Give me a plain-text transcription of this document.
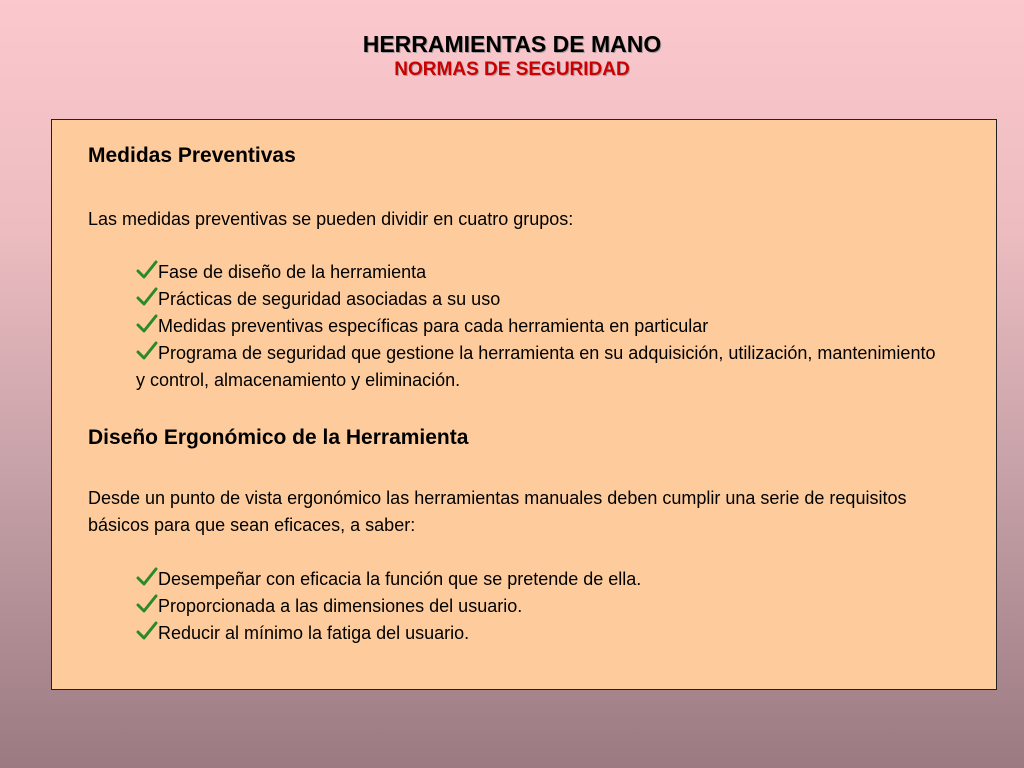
HERRAMIENTAS DE MANO
NORMAS DE SEGURIDAD
Medidas Preventivas
Las medidas preventivas se pueden dividir en cuatro grupos:
Fase de diseño de la herramienta
Prácticas de seguridad asociadas a su uso
Medidas preventivas específicas para cada herramienta en particular
Programa de seguridad que gestione la herramienta en su adquisición, utilización, mantenimiento y control, almacenamiento y eliminación.
Diseño Ergonómico de la Herramienta
Desde un punto de vista ergonómico las herramientas manuales deben cumplir una serie de requisitos básicos para que sean eficaces, a saber:
Desempeñar con eficacia la función que se pretende de ella.
Proporcionada a las dimensiones del usuario.
Reducir al mínimo la fatiga del usuario.
